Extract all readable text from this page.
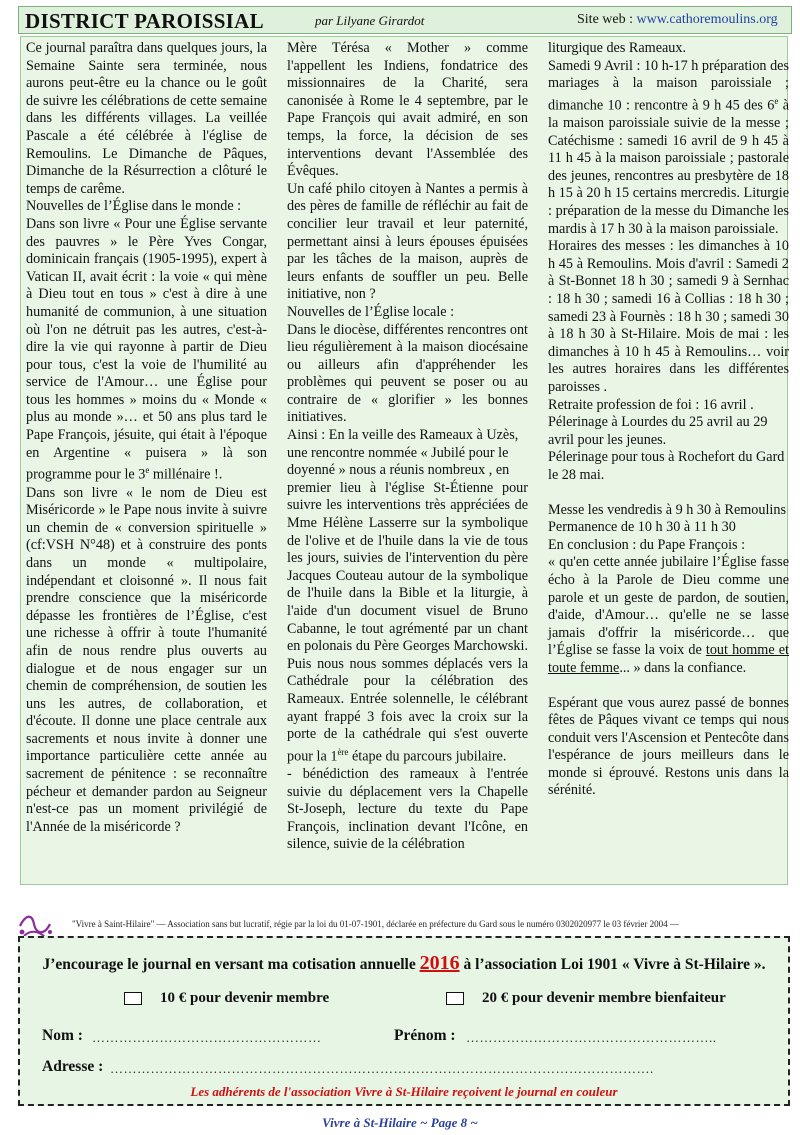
DISTRICT PAROISSIAL	par Lilyane Girardot	Site web : www.cathoremoulins.org

Ce journal paraîtra dans quelques jours, la Semaine Sainte sera terminée, nous aurons peut-être eu la chance ou le goût de suivre les célébrations de cette semaine dans les différents villages. La veillée Pascale a été célébrée à l'église de Remoulins. Le Dimanche de Pâques, Dimanche de la Résurrection a clôturé le temps de carême.

Nouvelles de l’Église dans le monde :

Dans son livre « Pour une Église servante des pauvres » le Père Yves Congar, dominicain français (1905-1995), expert à Vatican II, avait écrit : la voie « qui mène à Dieu tout en tous » c'est à dire à une humanité de communion, à une situation où l'on ne détruit pas les autres, c'est-à-dire la vie qui rayonne à partir de Dieu pour tous, c'est la voie de l'humilité au service de l'Amour… une Église pour tous les hommes » moins du « Monde « plus au monde »… et 50 ans plus tard le Pape François, jésuite, qui était à l'époque en Argentine « puisera » là son programme pour le 3e millénaire !.

Dans son livre « le nom de Dieu est Miséricorde » le Pape nous invite à suivre un chemin de « conversion spirituelle » (cf:VSH N°48) et à construire des ponts dans un monde « multipolaire, indépendant et cloisonné ». Il nous fait prendre conscience que la miséricorde dépasse les frontières de l’Église, c'est une richesse à offrir à toute l'humanité afin de nous rendre plus ouverts au dialogue et de nous engager sur un chemin de compréhension, de soutien les uns les autres, de collaboration, et d'écoute. Il donne une place centrale aux sacrements et nous invite à donner une importance particulière cette année au sacrement de pénitence : se reconnaître pécheur et demander pardon au Seigneur n'est-ce pas un moment privilégié de l'Année de la miséricorde ?

Mère Térésa « Mother » comme l'appellent les Indiens, fondatrice des missionnaires de la Charité, sera canonisée à Rome le 4 septembre, par le Pape François qui avait admiré, en son temps, la force, la décision de ses interventions devant l'Assemblée des Évêques.

Un café philo citoyen à Nantes a permis à des pères de famille de réfléchir au fait de concilier leur travail et leur paternité, permettant ainsi à leurs épouses épuisées par les tâches de la maison, auprès de leurs enfants de souffler un peu. Belle initiative, non ?

Nouvelles de l’Église locale :

Dans le diocèse, différentes rencontres ont lieu régulièrement à la maison diocésaine ou ailleurs afin d'appréhender les problèmes qui peuvent se poser ou au contraire de « glorifier » les bonnes initiatives.

Ainsi : En la veille des Rameaux à Uzès, une rencontre nommée « Jubilé pour le doyenné » nous a réunis nombreux , en

premier lieu à l'église St-Étienne pour suivre les interventions très appréciées de Mme Hélène Lasserre sur la symbolique de l'olive et de l'huile dans la vie de tous les jours, suivies de l'intervention du père Jacques Couteau autour de la symbolique de l'huile dans la Bible et la liturgie, à l'aide d'un document visuel de Bruno Cabanne, le tout agrémenté par un chant en polonais du Père Georges Marchowski. Puis nous nous sommes déplacés vers la Cathédrale pour la célébration des Rameaux. Entrée solennelle, le célébrant ayant frappé 3 fois avec la croix sur la porte de la cathédrale qui s'est ouverte pour la 1ère étape du parcours jubilaire.

- bénédiction des rameaux à l'entrée suivie du déplacement vers la Chapelle St-Joseph, lecture du texte du Pape François, inclination devant l'Icône, en silence, suivie de la célébration

liturgique des Rameaux.

Samedi 9 Avril : 10 h-17 h préparation des mariages à la maison paroissiale ; dimanche 10 : rencontre à 9 h 45 des 6e à la maison paroissiale suivie de la messe ; Catéchisme : samedi 16 avril de 9 h 45 à 11 h 45 à la maison paroissiale ; pastorale des jeunes, rencontres au presbytère de 18 h 15 à 20 h 15 certains mercredis. Liturgie : préparation de la messe du Dimanche les mardis à 17 h 30 à la maison paroissiale.

Horaires des messes : les dimanches à 10 h 45 à Remoulins. Mois d'avril : Samedi 2 à St-Bonnet 18 h 30 ; samedi 9 à Sernhac : 18 h 30 ; samedi 16 à Collias : 18 h 30 ; samedi 23 à Fournès : 18 h 30 ; samedi 30 à 18 h 30 à St-Hilaire. Mois de mai : les dimanches à 10 h 45 à Remoulins… voir les autres horaires dans les différentes paroisses .

Retraite profession de foi : 16 avril .

Pélerinage à Lourdes du 25 avril au 29 avril pour les jeunes.

Pélerinage pour tous à Rochefort du Gard le 28 mai.

Messe les vendredis à 9 h 30 à Remoulins

Permanence de 10 h 30 à 11 h 30

En conclusion : du Pape François :

« qu'en cette année jubilaire l’Église fasse écho à la Parole de Dieu comme une parole et un geste de pardon, de soutien, d'aide, d'Amour… qu'elle ne se lasse jamais d'offrir la miséricorde… que l’Église se fasse la voix de tout homme et toute femme... » dans la confiance.

Espérant que vous aurez passé de bonnes fêtes de Pâques vivant ce temps qui nous conduit vers l'Ascension et Pentecôte dans l'espérance de jours meilleurs dans le monde si éprouvé. Restons unis dans la sérénité.

"Vivre à Saint-Hilaire" — Association sans but lucratif, régie par la loi du 01-07-1901, déclarée en préfecture du Gard sous le numéro 0302020977 le 03 février 2004 —
J’encourage le journal en versant ma cotisation annuelle 2016 à l’association Loi 1901 « Vivre à St-Hilaire ».
10 € pour devenir membre	20 € pour devenir membre bienfaiteur
Nom : ……………………………………………	Prénom : ………………………………………………..
Adresse : ………………………………………………………………………………………………………….
Les adhérents de l'association Vivre à St-Hilaire reçoivent le journal en couleur
Vivre à St-Hilaire ~ Page 8 ~
